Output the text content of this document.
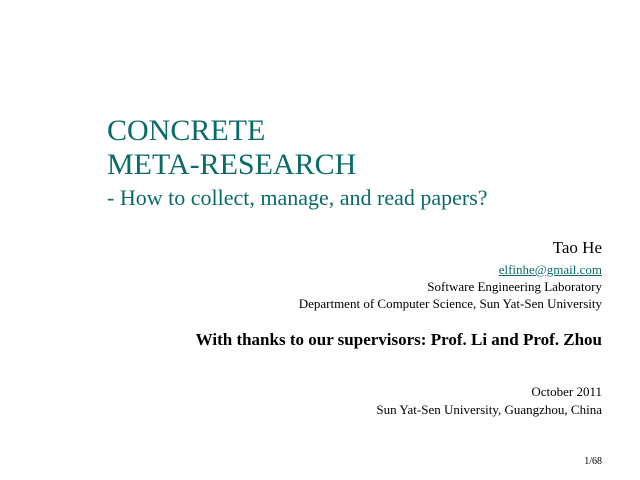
CONCRETE
META-RESEARCH
- How to collect, manage, and read papers?
Tao He
elfinhe@gmail.com
Software Engineering Laboratory
Department of Computer Science, Sun Yat-Sen University
With thanks to our supervisors: Prof. Li and Prof. Zhou
October 2011
Sun Yat-Sen University, Guangzhou, China
1/68
